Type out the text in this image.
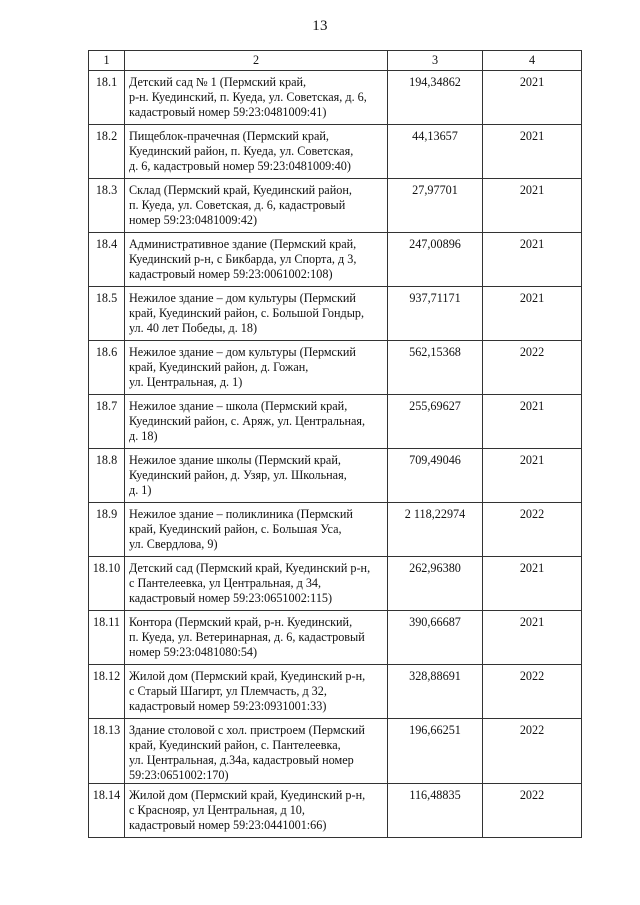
13
1	2	3	4
18.1	Детский сад № 1 (Пермский край,
р-н. Куединский, п. Куеда, ул. Советская, д. 6,
кадастровый номер 59:23:0481009:41)	194,34862	2021
18.2	Пищеблок-прачечная (Пермский край,
Куединский район, п. Куеда, ул. Советская,
д. 6, кадастровый номер 59:23:0481009:40)	44,13657	2021
18.3	Склад (Пермский край, Куединский район,
п. Куеда, ул. Советская, д. 6, кадастровый
номер 59:23:0481009:42)	27,97701	2021
18.4	Административное здание (Пермский край,
Куединский р-н, с Бикбарда, ул Спорта, д 3,
кадастровый номер 59:23:0061002:108)	247,00896	2021
18.5	Нежилое здание – дом культуры (Пермский
край, Куединский район, с. Большой Гондыр,
ул. 40 лет Победы, д. 18)	937,71171	2021
18.6	Нежилое здание – дом культуры (Пермский
край, Куединский район, д. Гожан,
ул. Центральная, д. 1)	562,15368	2022
18.7	Нежилое здание – школа (Пермский край,
Куединский район, с. Аряж, ул. Центральная,
д. 18)	255,69627	2021
18.8	Нежилое здание школы (Пермский край,
Куединский район, д. Узяр, ул. Школьная,
д. 1)	709,49046	2021
18.9	Нежилое здание – поликлиника (Пермский
край, Куединский район, с. Большая Уса,
ул. Свердлова, 9)	2 118,22974	2022
18.10	Детский сад (Пермский край, Куединский р-н,
с Пантелеевка, ул Центральная, д 34,
кадастровый номер 59:23:0651002:115)	262,96380	2021
18.11	Контора (Пермский край, р-н. Куединский,
п. Куеда, ул. Ветеринарная, д. 6, кадастровый
номер 59:23:0481080:54)	390,66687	2021
18.12	Жилой дом (Пермский край, Куединский р-н,
с Старый Шагирт, ул Племчасть, д 32,
кадастровый номер 59:23:0931001:33)	328,88691	2022
18.13	Здание столовой с хол. пристроем (Пермский
край, Куединский район, с. Пантелеевка,
ул. Центральная, д.34а, кадастровый номер
59:23:0651002:170)	196,66251	2022
18.14	Жилой дом (Пермский край, Куединский р-н,
с Краснояр, ул Центральная, д 10,
кадастровый номер 59:23:0441001:66)	116,48835	2022
